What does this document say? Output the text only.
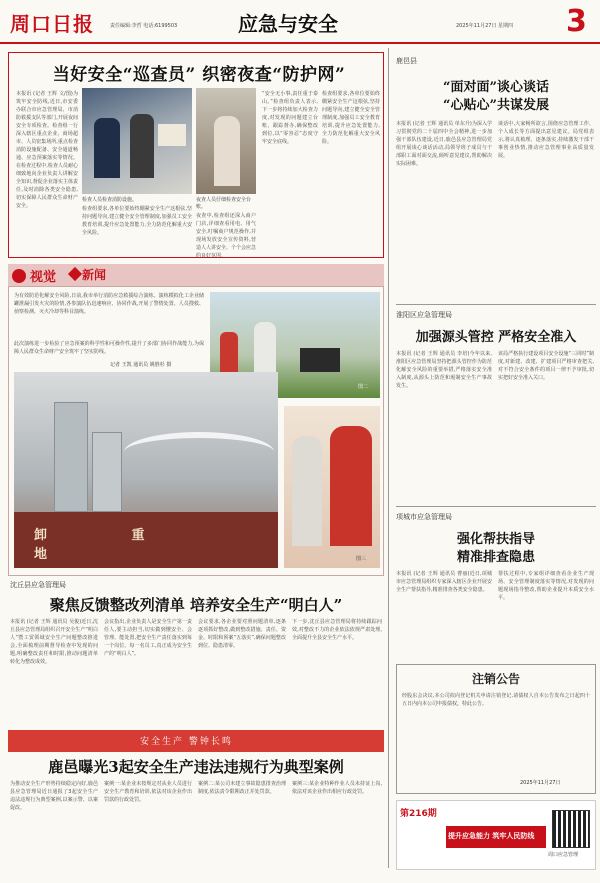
周口日报	责任编辑:李哲 电话:6199503	应急与安全	2025年11月27日 星期四 3
当好安全“巡查员” 织密夜查“防护网”
本报讯 (记者 王辉 文/图)为筑牢安全防线,近日,市安委办联合市应急管理局、市消防救援支队等部门,开展夜间安全专项检查。检查组一行深入辖区重点企业、商场超市、人员密集场所,重点检查消防设施配备、安全通道畅通、应急预案落实等情况。在检查过程中,检查人员耐心细致地向企业负责人讲解安全知识,督促企业落实主体责任,及时消除各类安全隐患,切实保障人民群众生命财产安全。
夜查人员仔细检查安全台账。
检查组要求,各单位要始终绷紧安全生产这根弦,坚持问题导向,建立健全安全管理制度,加强员工安全教育培训,提升应急处置能力,全力防范化解重大安全风险。
夜查中,检查组还深入商户门店,详细查看用电、用气安全,叮嘱商户规范操作,并现场发放安全宣传资料,营造人人讲安全、个个会应急的良好氛围。
“安全无小事,责任重于泰山。”检查组负责人表示,下一步将持续加大检查力度,对发现的问题建立台账、跟踪督办,确保整改到位,以“零容忍”态度守牢安全底线。
检查组要求,各单位要始终绷紧安全生产这根弦,坚持问题导向,建立健全安全管理制度,加强员工安全教育培训,提升应急处置能力,全力防范化解重大安全风险。
检查人员检查消防设施。
视觉 新闻
为有效防范化解安全风险,日前,我市举行消防应急救援综合演练。演练模拟化工企业储罐泄漏引发火灾的险情,各参演队伍迅速响应、协同作战,开展了警情处置、人员搜救、侦察检测、灭火冷却等科目演练。
此次演练进一步检验了应急预案的科学性和可操作性,提升了多部门协同作战能力,为保障人民群众生命财产安全筑牢了坚实防线。
记者 王凯 通讯员 姚胜杉 摄
图二
卸 重 地	图三
沈丘县应急管理局
聚焦反馈整改列清单 培养安全生产“明白人”
本报讯 (记者 王辉 通讯员 吴俊)近日,沈丘县应急管理局组织召开安全生产“明白人”暨工贸领域安全生产问题整改推进会,全面梳理前期督导检查中发现的问题,明确整改责任和时限,推动问题清单转化为整改成效。
会议指出,企业负责人是安全生产第一责任人,要主动担当,切实做到懂安全、会管理、能处置,把安全生产责任落实到每一个岗位、每一名员工,真正成为安全生产的“明白人”。
会议要求,各企业要对照问题清单,逐条逐项抓好整改,做到整改措施、责任、资金、时限和预案“五落实”,确保问题整改到位、隐患清零。
下一步,沈丘县应急管理局将持续跟踪问效,对整改不力的企业依法依规严肃处理,全面提升全县安全生产水平。
安全生产 警钟长鸣
鹿邑曝光3起安全生产违法违规行为典型案例
为推动安全生产形势持续稳定向好,鹿邑县应急管理局近日通报了3起安全生产违法违规行为典型案例,以案示警、以案促改。
案例一:某企业未按规定对从业人员进行安全生产教育和培训,依法对该企业作出罚款的行政处罚。
案例二:某公司未建立事故隐患排查治理制度,依法责令限期改正并处罚款。
案例三:某企业特种作业人员未持证上岗,依法对该企业作出相应行政处罚。
鹿邑县
“面对面”谈心谈话
“心贴心”共谋发展
本报讯 (记者 王辉 通讯员 单东升)为深入学习贯彻党的二十届四中全会精神,进一步加强干部队伍建设,近日,鹿邑县应急管理局党组开展谈心谈话活动,局领导班子成员与干部职工面对面交流,倾听意见建议,帮助解决实际困难。
谈话中,大家畅所欲言,围绕应急管理工作、个人成长等方面提出意见建议。局党组表示,将认真梳理、逐条落实,持续激发干部干事创业热情,推动应急管理事业高质量发展。
淮阳区应急管理局
加强源头管控 严格安全准入
本报讯 (记者 王辉 通讯员 李培)今年以来,淮阳区应急管理局坚持把源头管控作为防范化解安全风险的重要举措,严格落实安全准入制度,从源头上防范和遏制安全生产事故发生。
该局严格执行建设项目安全设施“三同时”制度,对新建、改建、扩建项目严格审查把关,对不符合安全条件的项目一律不予审批,切实把好安全准入关口。
项城市应急管理局
强化帮扶指导
精准排查隐患
本报讯 (记者 王辉 通讯员 曹丽)近日,项城市应急管理局组织专家深入辖区企业开展安全生产帮扶指导,精准排查各类安全隐患。
帮扶过程中,专家组详细查看企业生产现场、安全管理制度落实等情况,对发现的问题现场指导整改,帮助企业提升本质安全水平。
注销公告
经股东会决议,本公司拟向登记机关申请注销登记,请债权人自本公告发布之日起四十五日内向本公司申报债权。特此公告。
2025年11月27日
第216期
提升应急能力 筑牢人民防线
周口应急管理
